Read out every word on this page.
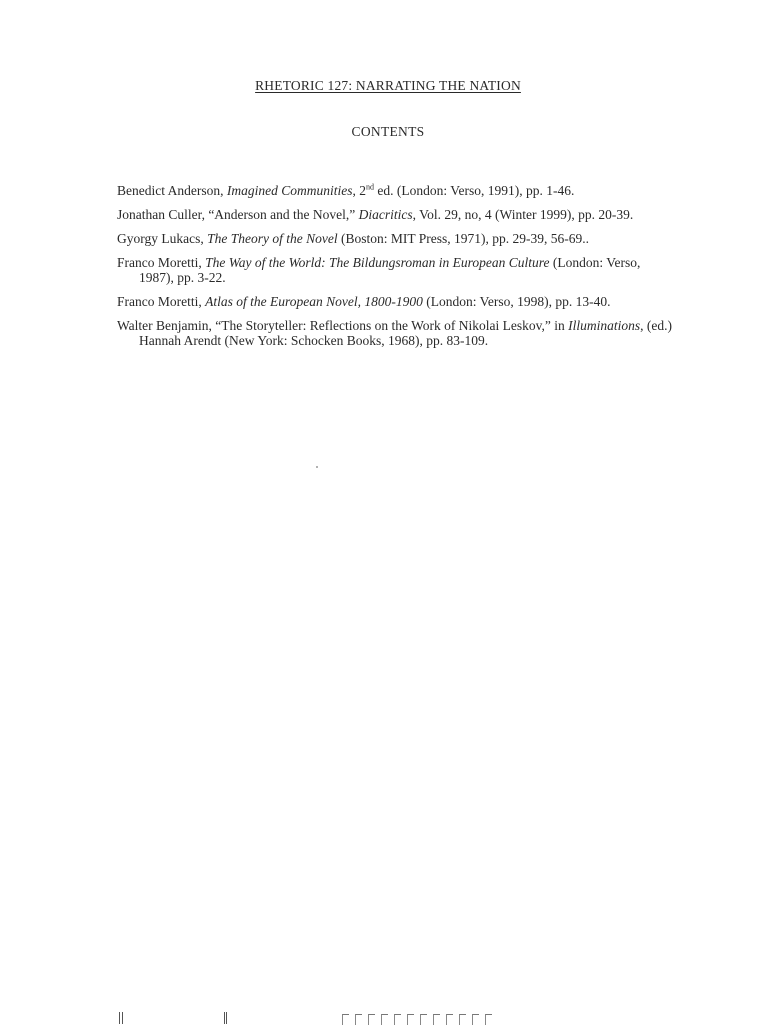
RHETORIC 127: NARRATING THE NATION
CONTENTS

Benedict Anderson, Imagined Communities, 2nd ed. (London: Verso, 1991), pp. 1-46.

Jonathan Culler, “Anderson and the Novel,” Diacritics, Vol. 29, no, 4 (Winter 1999), pp. 20-39.

Gyorgy Lukacs, The Theory of the Novel (Boston: MIT Press, 1971), pp. 29-39, 56-69..

Franco Moretti, The Way of the World: The Bildungsroman in European Culture (London: Verso, 1987), pp. 3-22.

Franco Moretti, Atlas of the European Novel, 1800-1900 (London: Verso, 1998), pp. 13-40.

Walter Benjamin, “The Storyteller: Reflections on the Work of Nikolai Leskov,” in Illuminations, (ed.) Hannah Arendt (New York: Schocken Books, 1968), pp. 83-109.
